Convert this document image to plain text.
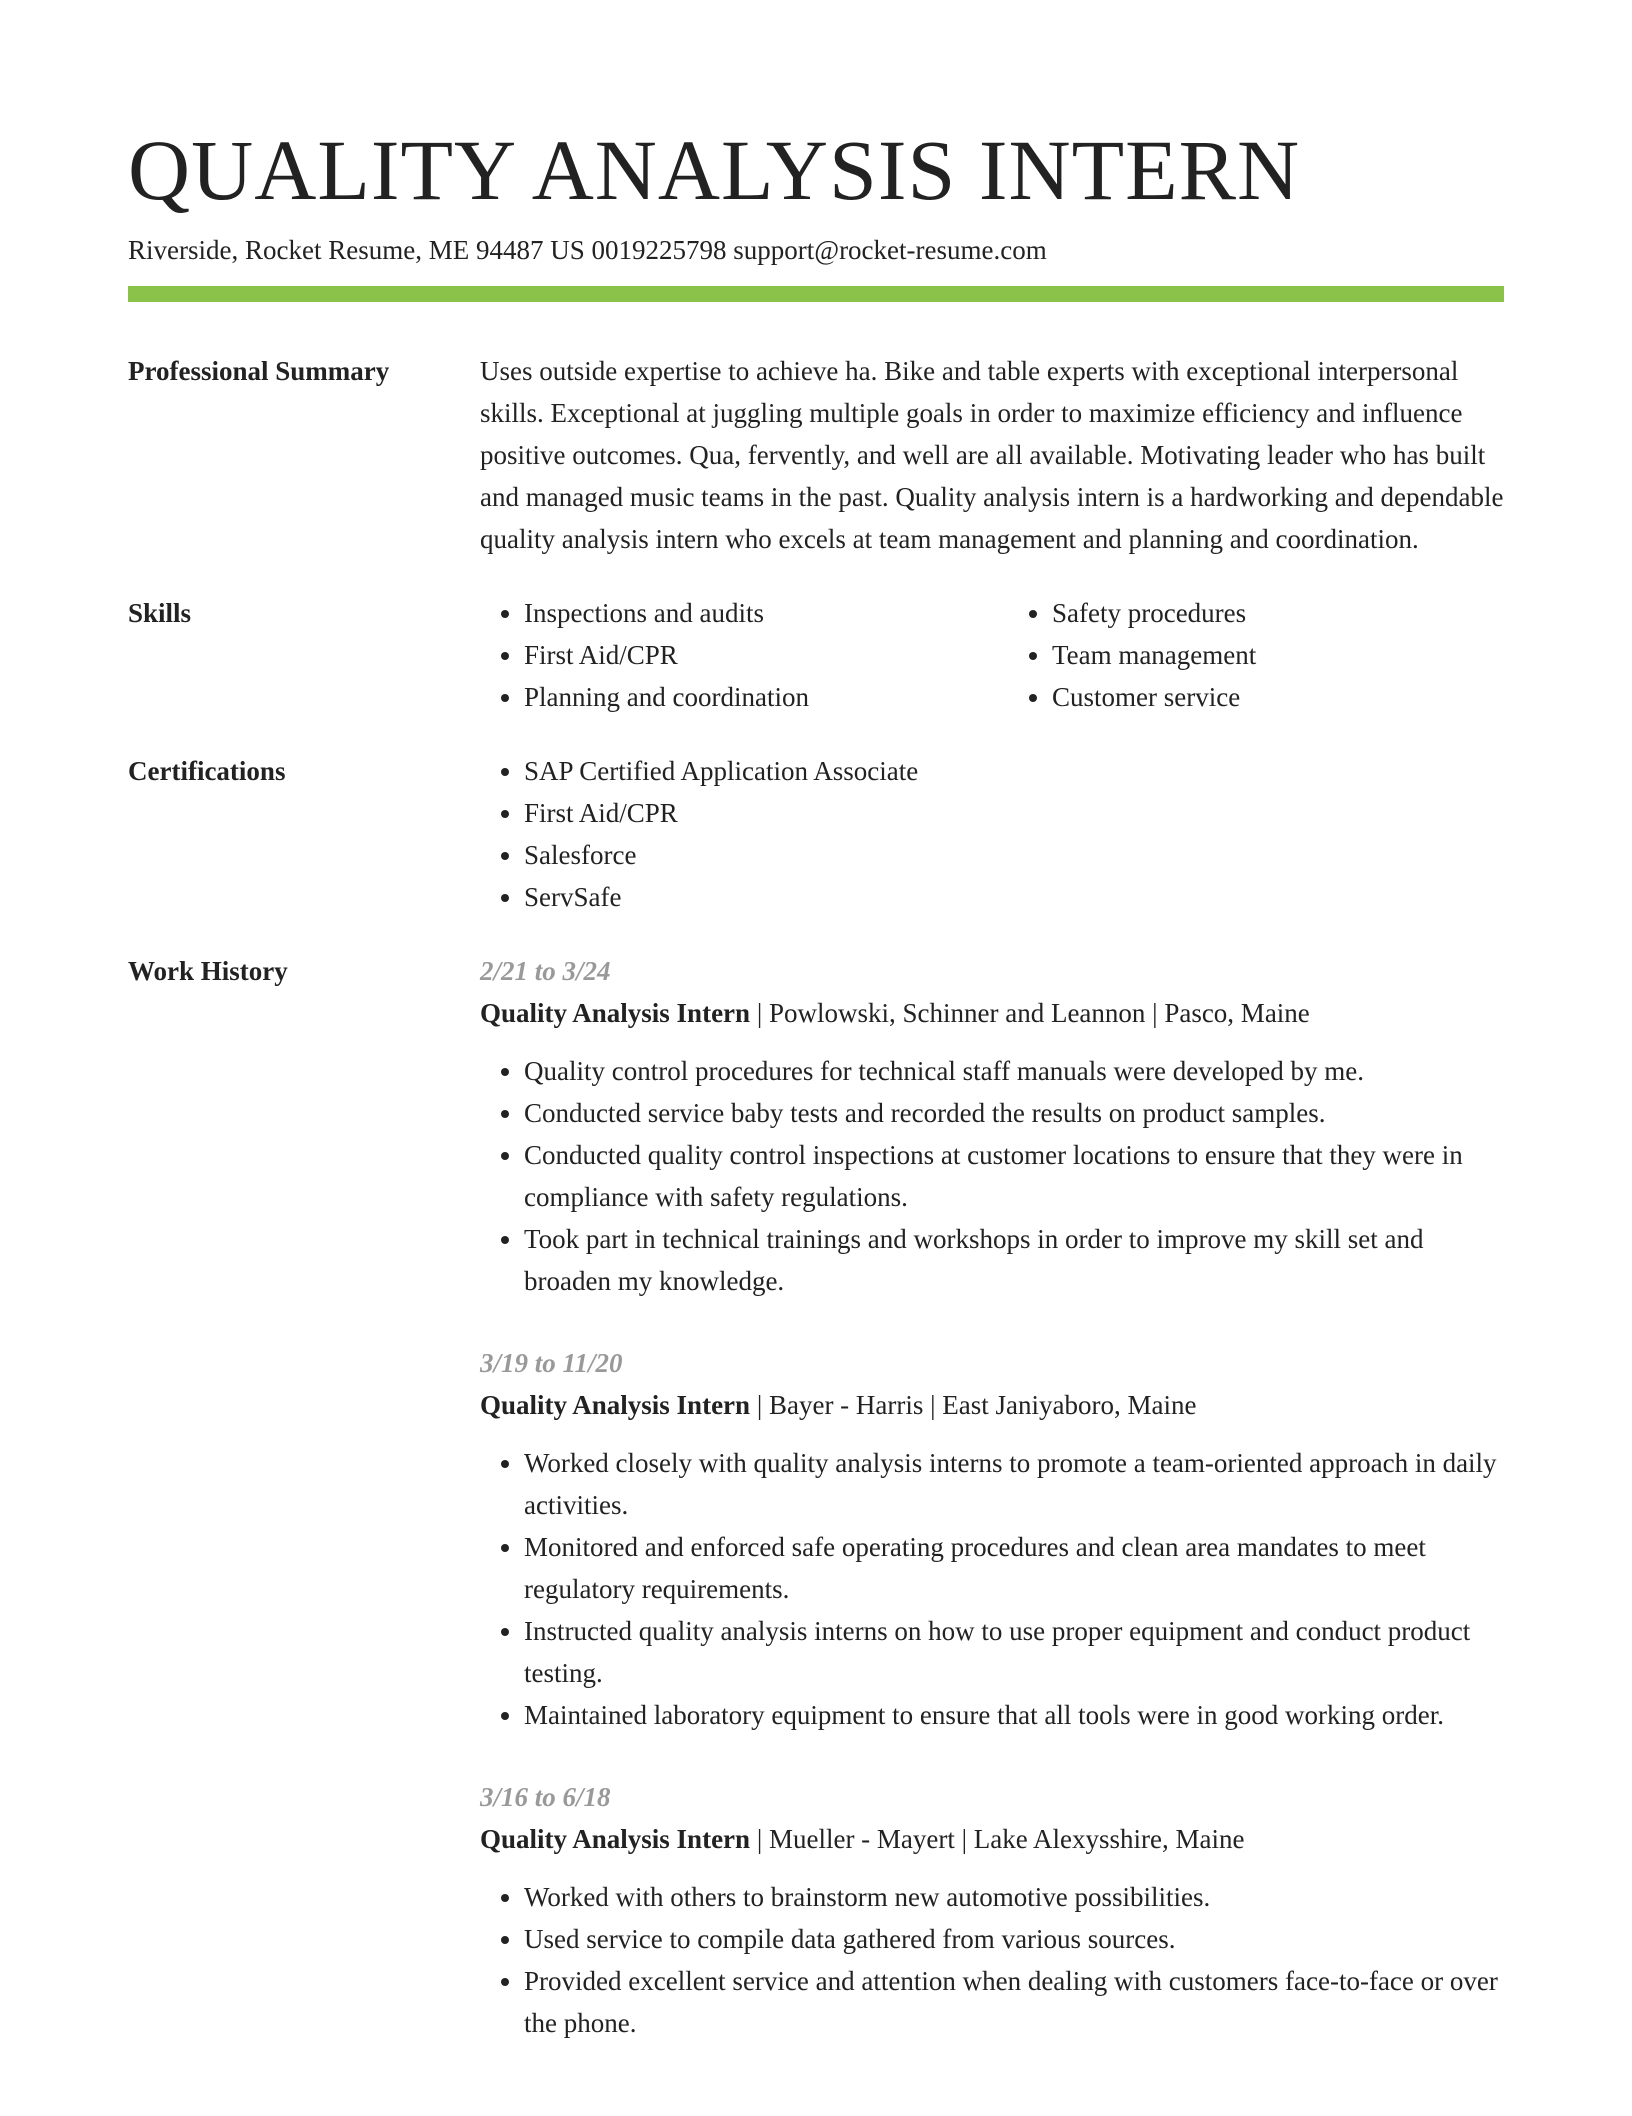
QUALITY ANALYSIS INTERN
Riverside, Rocket Resume, ME 94487 US 0019225798 support@rocket-resume.com
Professional Summary	Uses outside expertise to achieve ha. Bike and table experts with exceptional interpersonal skills. Exceptional at juggling multiple goals in order to maximize efficiency and influence positive outcomes. Qua, fervently, and well are all available. Motivating leader who has built and managed music teams in the past. Quality analysis intern is a hardworking and dependable quality analysis intern who excels at team management and planning and coordination.

Skills	• Inspections and audits
• First Aid/CPR
• Planning and coordination
• Safety procedures
• Team management
• Customer service
Certifications	• SAP Certified Application Associate
• First Aid/CPR
• Salesforce
• ServSafe
Work History	2/21 to 3/24
Quality Analysis Intern | Powlowski, Schinner and Leannon | Pasco, Maine
• Quality control procedures for technical staff manuals were developed by me.
• Conducted service baby tests and recorded the results on product samples.
• Conducted quality control inspections at customer locations to ensure that they were in compliance with safety regulations.
• Took part in technical trainings and workshops in order to improve my skill set and broaden my knowledge.
3/19 to 11/20
Quality Analysis Intern | Bayer - Harris | East Janiyaboro, Maine
• Worked closely with quality analysis interns to promote a team-oriented approach in daily activities.
• Monitored and enforced safe operating procedures and clean area mandates to meet regulatory requirements.
• Instructed quality analysis interns on how to use proper equipment and conduct product testing.
• Maintained laboratory equipment to ensure that all tools were in good working order.
3/16 to 6/18
Quality Analysis Intern | Mueller - Mayert | Lake Alexysshire, Maine
• Worked with others to brainstorm new automotive possibilities.
• Used service to compile data gathered from various sources.
• Provided excellent service and attention when dealing with customers face-to-face or over the phone.
